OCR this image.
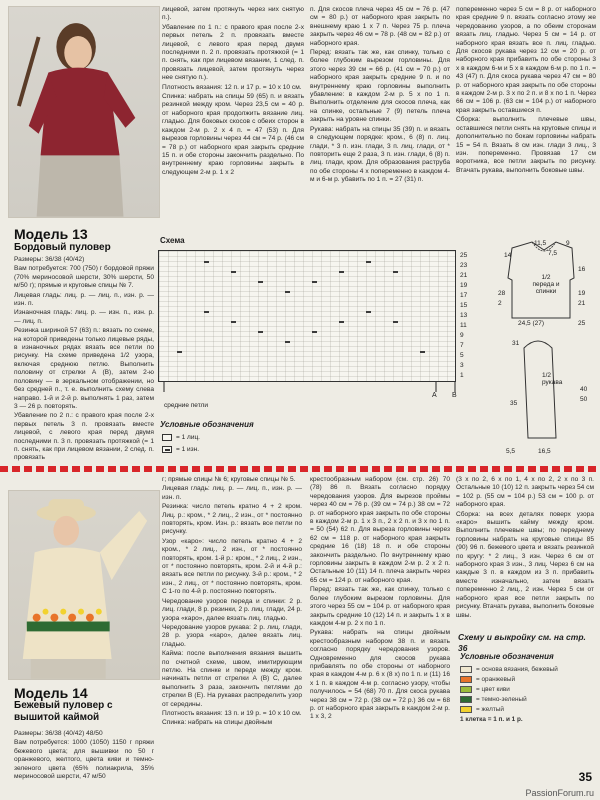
Модель 13
Бордовый пуловер

Размеры: 36/38 (40/42)

Вам потребуется: 700 (750) г бордовой пряжи (70% мериносовой шерсти, 30% шерсти, 50 м/50 г); прямые и круговые спицы № 7.

Лицевая гладь: лиц. р. — лиц. п., изн. р. — изн. п.

Изнаночная гладь: лиц. р. — изн. п., изн. р. — лиц. п.

Резинка шириной 57 (63) п.: вязать по схеме, на которой приведены только лицевые ряды, в изнаночных рядах вязать все петли по рисунку. На схеме приведена 1/2 узора, включая среднюю петлю. Выполнить половину от стрелки А (В), затем 2-ю половину — в зеркальном отображении, но без средней п., т. е. выполнить схему слева направо. 1-й и 2-й р. выполнять 1 раз, затем 3 — 26 р. повторять.

Убавление по 2 п.: с правого края после 2-х первых петель 3 п. провязать вместе лицевой, с левого края перед двумя последними п. 3 п. провязать протяжкой (= 1 п. снять, как при лицевом вязании, 2 след. п. провязать

лицевой, затем протянуть через них снятую п.).

Убавление по 1 п.: с правого края после 2-х первых петель 2 п. провязать вместе лицевой, с левого края перед двумя последними п. 2 п. провязать протяжкой (= 1 п. снять, как при лицевом вязании, 1 след. п. провязать лицевой, затем протянуть через нее снятую п.).

Плотность вязания: 12 п. и 17 р. = 10 х 10 см.

Спинка: набрать на спицы 59 (65) п. и вязать резинкой между кром. Через 23,5 см = 40 р. от наборного края продолжить вязание лиц. гладью. Для боковых скосов с обеих сторон в каждом 2-м р. 2 х 4 п. = 47 (53) п. Для вырезов горловины через 44 см = 74 р. (46 см = 78 р.) от наборного края закрыть средние 15 п. и обе стороны закончить раздельно. По внутреннему краю горловины закрыть в следующем 2-м р. 1 х 2

п. Для скосов плеча через 45 см = 76 р. (47 см = 80 р.) от наборного края закрыть по внешнему краю 1 х 7 п. Через 75 р. плеча закрыть через 46 см = 78 р. (48 см = 82 р.) от наборного края.

Перед: вязать так же, как спинку, только с более глубоким вырезом горловины. Для этого через 39 см = 66 р. (41 см = 70 р.) от наборного края закрыть средние 9 п. и по внутреннему краю горловины выполнить убавление: в каждом 2-м р. 5 х по 1 п. Выполнить отделение для скосов плеча, как на спинке, остальные 7 (9) петель плеча закрыть на уровне спинки.

Рукава: набрать на спицы 35 (39) п. и вязать в следующем порядке: кром., 6 (8) п. лиц. глади, * 3 п. изн. глади, 3 п. лиц. глади, от * повторить еще 2 раза, 3 п. изн. глади, 6 (8) п. лиц. глади, кром. Для образования раструба по обе стороны 4 х попеременно в каждом 4-м и 6-м р. убавить по 1 п. = 27 (31) п.

попеременно через 5 см = 8 р. от наборного края средние 9 п. вязать согласно этому же чередованию узоров, а по обеим сторонам вязать лиц. гладью. Через 5 см = 14 р. от наборного края вязать все п. лиц. гладью. Для скосов рукава через 12 см = 20 р. от наборного края прибавить по обе стороны 3 х в каждом 6-м и 5 х в каждом 6-м р. по 1 п. = 43 (47) п. Для скоса рукава через 47 см = 80 р. от наборного края закрыть по обе стороны в каждом 2-м р. 3 х по 2 п. и 8 х по 1 п. Через 66 см = 106 р. (63 см = 104 р.) от наборного края закрыть оставшиеся п.

Сборка: выполнить плечевые швы, оставшиеся петли снять на круговые спицы и дополнительно по бокам горловины набрать 15 = 54 п. Вязать 8 см изн. глади 3 лиц., 3 изн. попеременно. Провязав 17 см воротника, все петли закрыть по рисунку. Втачать рукава, выполнить боковые швы.

Схема
25
23
21
19
17
15
13
11
9
7
5
3
1
средние петли
A B
Условные обозначения
= 1 лиц.
= 1 изн.
11,5
7,5
9
14
16
28
2
19
21
1/2 переда и спинки
24,5 (27)	25
1/2 рукава
31
35
50
16,5
40
5,5
Модель 14
Бежевый пуловер с вышитой каймой

Размеры: 36/38 (40/42) 48/50

Вам потребуется: 1000 (1050) 1150 г пряжи бежевого цвета; для вышивки по 50 г оранжевого, желтого, цвета киви и темно-зеленого цвета (65% полиакрила, 35% мериносовой шерсти, 47 м/50

г; прямые спицы № 6; круговые спицы № 5.

Лицевая гладь: лиц. р. — лиц. п., изн. р. — изн. п.

Резинка: число петель кратно 4 + 2 кром. Лиц. р.: кром., * 2 лиц., 2 изн., от * постоянно повторять, кром. Изн. р.: вязать все петли по рисунку.

Узор «каро»: число петель кратно 4 + 2 кром., * 2 лиц., 2 изн., от * постоянно повторять, кром. 1-й р.: кром., * 2 лиц., 2 изн., от * постоянно повторять, кром. 2-й и 4-й р.: вязать все петли по рисунку. 3-й р.: кром., * 2 изн., 2 лиц., от * постоянно повторять, кром. С 1-го по 4-й р. постоянно повторять.

Чередование узоров переда и спинки: 2 р. лиц. глади, 8 р. резинки, 2 р. лиц. глади, 24 р. узора «каро», далее вязать лиц. гладью.

Чередование узоров рукава: 2 р. лиц. глади, 28 р. узора «каро», далее вязать лиц. гладью.

Кайма: после выполнения вязания вышить по счетной схеме, швом, имитирующим петлю. На спинке и переде между кром. начинать петли от стрелки А (В) С, далее выполнить 3 раза, закончить петлями до стрелки В (Е). На рукавах распределить узор от середины.

Плотность вязания: 13 п. и 19 р. = 10 х 10 см.

Спинка: набрать на спицы двойным

крестообразным набором (см. стр. 26) 70 (78) 86 п. Вязать согласно порядку чередования узоров. Для вырезов проймы через 40 см = 76 р. (39 см = 74 р.) 38 см = 72 р. от наборного края закрыть по обе стороны в каждом 2-м р. 1 х 3 п., 2 х 2 п. и 3 х по 1 п. = 50 (54) 62 п. Для выреза горловины через 62 см = 118 р. от наборного края закрыть средние 16 (18) 18 п. и обе стороны закончить раздельно. По внутреннему краю горловины закрыть в каждом 2-м р. 2 х 2 п. Остальные 10 (11) 14 п. плеча закрыть через 65 см = 124 р. от наборного края.

Перед: вязать так же, как спинку, только с более глубоким вырезом горловины. Для этого через 55 см = 104 р. от наборного края закрыть средние 10 (12) 14 п. и закрыть 1 х в каждом 4-м р. 2 х по 1 п.

Рукава: набрать на спицы двойным крестообразным набором 38 п. и вязать согласно порядку чередования узоров. Одновременно для скосов рукава прибавлять по обе стороны от наборного края в каждом 4-м р. 6 х (8 х) по 1 п. и (11) 16 х 1 п. в каждом 4-м р. согласно узору, чтобы получилось = 54 (68) 70 п. Для скоса рукава через 38 см = 72 р. (38 см = 72 р.) 36 см = 68 р. от наборного края закрыть в каждом 2-м р. 1 х 3, 2

(3 х по 2, 6 х по 1, 4 х по 2, 2 х по 3 п. Остальные 10 (10) 12 п. закрыть через 54 см = 102 р. (55 см = 104 р.) 53 см = 100 р. от наборного края.

Сборка: на всех деталях поверх узора «каро» вышить кайму между кром. Выполнить плечевые швы; по переднему горловины набрать на круговые спицы 85 (90) 96 п. бежевого цвета и вязать резинкой по кругу: * 2 лиц., 3 изн. Через 6 см от наборного края 3 изн., 3 лиц. Через 6 см на каждые 3 п. в каждом из 3 п. прибавить вместе изначально, затем вязать попеременно 2 лиц., 2 изн. Через 5 см от наборного края все петли закрыть по рисунку. Втачать рукава, выполнить боковые швы.

Схему и выкройку см. на стр. 36
Условные обозначения
= основа вязания, бежевый
= оранжевый
= цвет киви
= темно-зеленый
= желтый
1 клетка = 1 п. и 1 р.
35
PassionForum.ru
